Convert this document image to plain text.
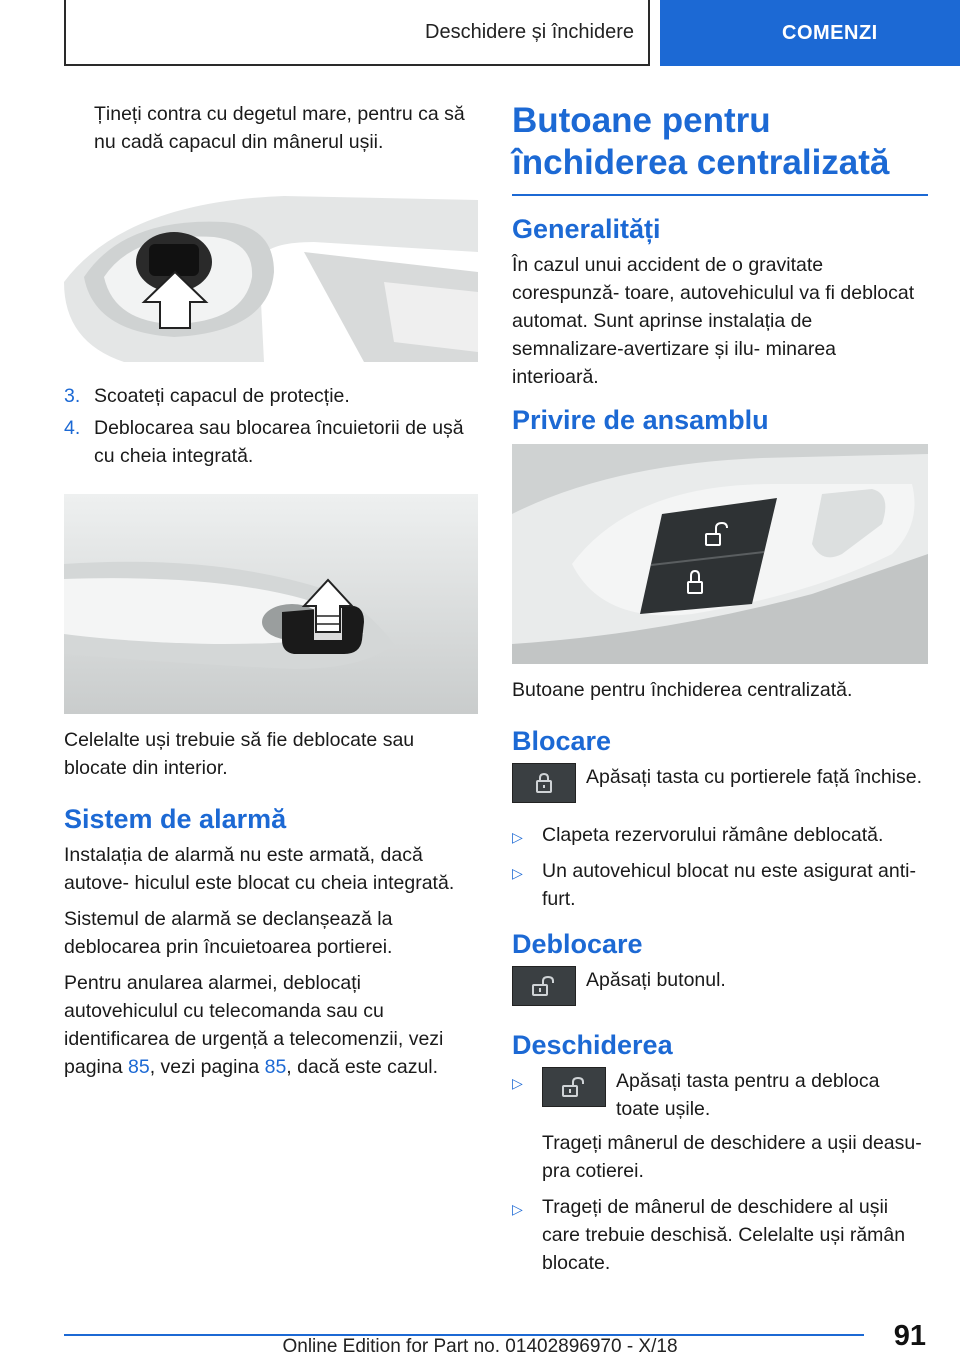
Deschidere și închidere	COMENZI

Țineți contra cu degetul mare, pentru ca să nu cadă capacul din mânerul ușii.

3. Scoateți capacul de protecție.
4. Deblocarea sau blocarea încuietorii de ușă cu cheia integrată.

Celelalte uși trebuie să fie deblocate sau blocate din interior.

Sistem de alarmă

Instalația de alarmă nu este armată, dacă autove- hiculul este blocat cu cheia integrată.

Sistemul de alarmă se declanșează la deblocarea prin încuietoarea portierei.

Pentru anularea alarmei, deblocați autovehiculul cu telecomanda sau cu identificarea de urgență a telecomenzii, vezi pagina 85, vezi pagina 85, dacă este cazul.

Butoane pentru închiderea centralizată
Generalități

În cazul unui accident de o gravitate corespunză- toare, autovehiculul va fi deblocat automat. Sunt aprinse instalația de semnalizare-avertizare și ilu- minarea interioară.

Privire de ansamblu

Butoane pentru închiderea centralizată.

Blocare

Apăsați tasta cu portierele față închise.

▷ Clapeta rezervorului rămâne deblocată.
▷ Un autovehicul blocat nu este asigurat anti- furt.
Deblocare

Apăsați butonul.

Deschiderea
▷	Apăsați tasta pentru a debloca toate ușile.

Trageți mânerul de deschidere a ușii deasu- pra cotierei.

▷ Trageți de mânerul de deschidere al ușii care trebuie deschisă. Celelalte uși rămân blocate.
91
Online Edition for Part no. 01402896970 - X/18
